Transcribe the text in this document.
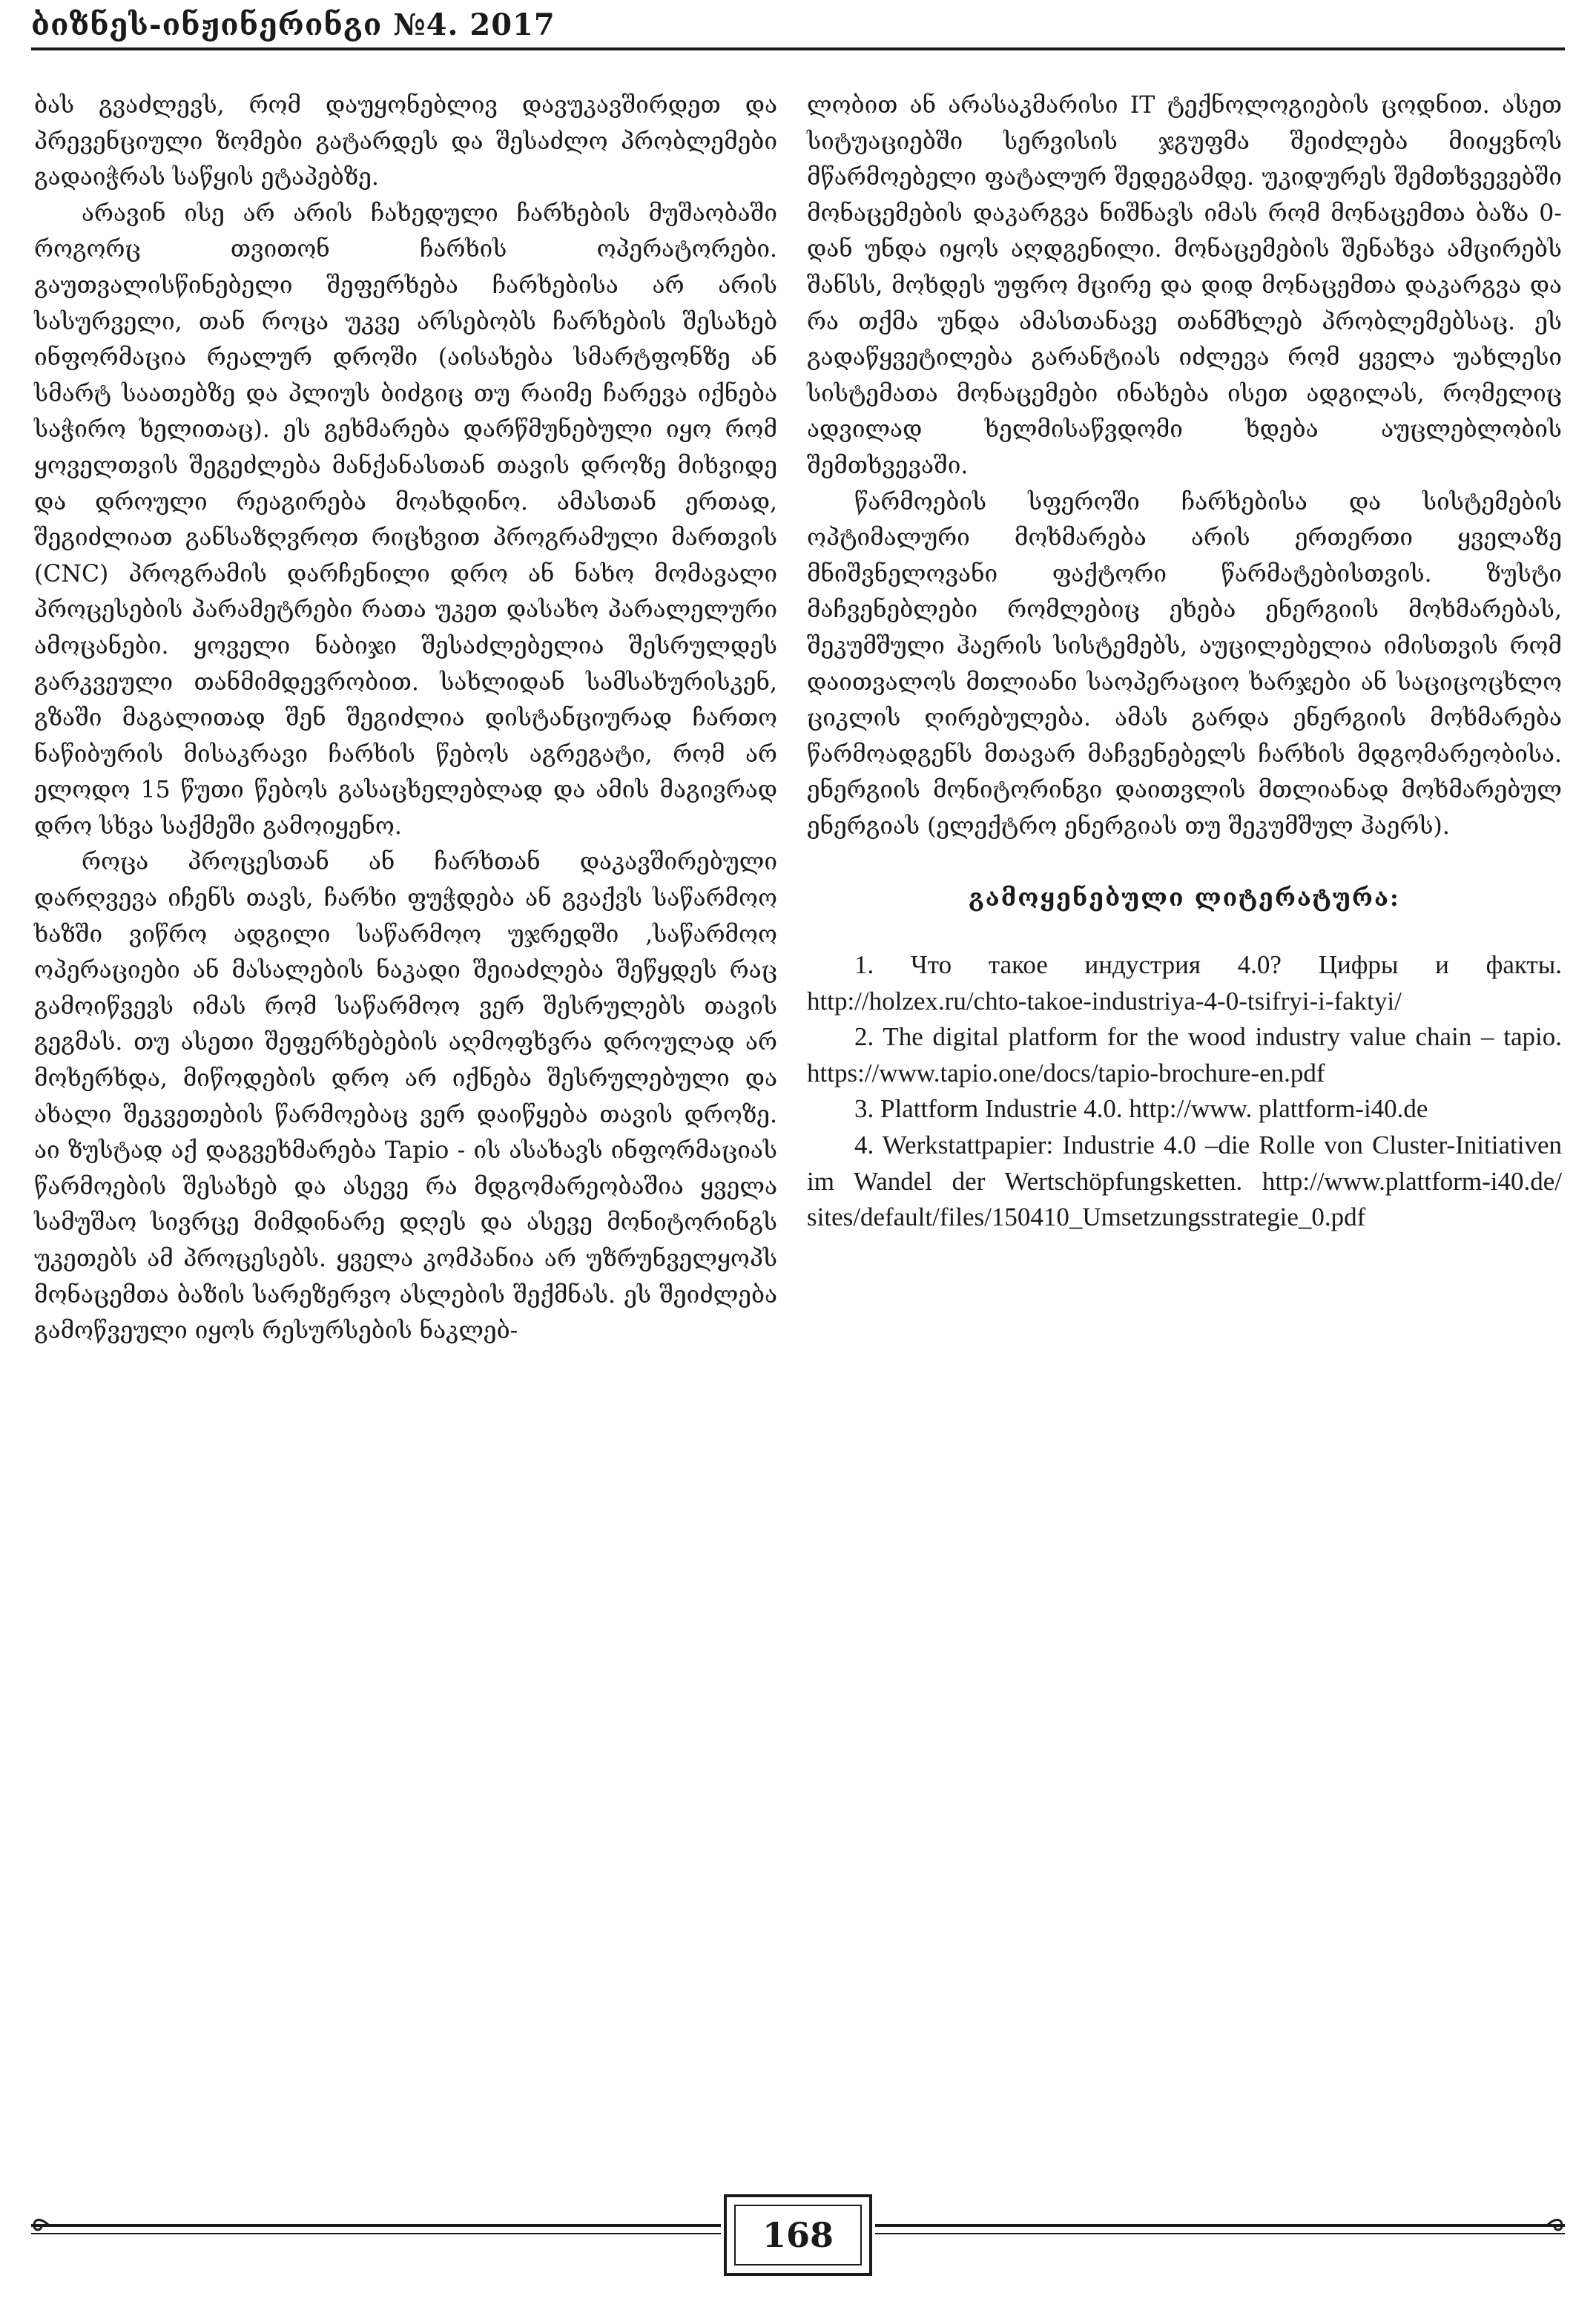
ბიზნეს-ინჟინერინგი №4. 2017

ბას გვაძლევს, რომ დაუყონებლივ დავუკავშირდეთ და პრევენციული ზომები გატარდეს და შესაძლო პრობლემები გადაიჭრას საწყის ეტაპებზე.

არავინ ისე არ არის ჩახედული ჩარხების მუშაობაში როგორც თვითონ ჩარხის ოპერატორები. გაუთვალისწინებელი შეფერხება ჩარხებისა არ არის სასურველი, თან როცა უკვე არსებობს ჩარხების შესახებ ინფორმაცია რეალურ დროში (აისახება სმარტფონზე ან სმარტ საათებზე და პლიუს ბიძგიც თუ რაიმე ჩარევა იქნება საჭირო ხელითაც). ეს გეხმარება დარწმუნებული იყო რომ ყოველთვის შეგეძლება მანქანასთან თავის დროზე მიხვიდე და დროული რეაგირება მოახდინო. ამასთან ერთად, შეგიძლიათ განსაზღვროთ რიცხვით პროგრამული მართვის (CNC) პროგრამის დარჩენილი დრო ან ნახო მომავალი პროცესების პარამეტრები რათა უკეთ დასახო პარალელური ამოცანები. ყოველი ნაბიჯი შესაძლებელია შესრულდეს გარკვეული თანმიმდევრობით. სახლიდან სამსახურისკენ, გზაში მაგალითად შენ შეგიძლია დისტანციურად ჩართო ნაწიბურის მისაკრავი ჩარხის წებოს აგრეგატი, რომ არ ელოდო 15 წუთი წებოს გასაცხელებლად და ამის მაგივრად დრო სხვა საქმეში გამოიყენო.

როცა პროცესთან ან ჩარხთან დაკავშირებული დარღვევა იჩენს თავს, ჩარხი ფუჭდება ან გვაქვს საწარმოო ხაზში ვიწრო ადგილი საწარმოო უჯრედში ,საწარმოო ოპერაციები ან მასალების ნაკადი შეიაძლება შეწყდეს რაც გამოიწვევს იმას რომ საწარმოო ვერ შესრულებს თავის გეგმას. თუ ასეთი შეფერხებების აღმოფხვრა დროულად არ მოხერხდა, მიწოდების დრო არ იქნება შესრულებული და ახალი შეკვეთების წარმოებაც ვერ დაიწყება თავის დროზე. აი ზუსტად აქ დაგვეხმარება Tapio - ის ასახავს ინფორმაციას წარმოების შესახებ და ასევე რა მდგომარეობაშია ყველა სამუშაო სივრცე მიმდინარე დღეს და ასევე მონიტორინგს უკეთებს ამ პროცესებს. ყველა კომპანია არ უზრუნველყოპს მონაცემთა ბაზის სარეზერვო ასლების შექმნას. ეს შეიძლება გამოწვეული იყოს რესურსების ნაკლებ-

ლობით ან არასაკმარისი IT ტექნოლოგიების ცოდნით. ასეთ სიტუაციებში სერვისის ჯგუფმა შეიძლება მიიყვნოს მწარმოებელი ფატალურ შედეგამდე. უკიდურეს შემთხვევებში მონაცემების დაკარგვა ნიშნავს იმას რომ მონაცემთა ბაზა 0-დან უნდა იყოს აღდგენილი. მონაცემების შენახვა ამცირებს შანსს, მოხდეს უფრო მცირე და დიდ მონაცემთა დაკარგვა და რა თქმა უნდა ამასთანავე თანმხლებ პრობლემებსაც. ეს გადაწყვეტილება გარანტიას იძლევა რომ ყველა უახლესი სისტემათა მონაცემები ინახება ისეთ ადგილას, რომელიც ადვილად ხელმისაწვდომი ხდება აუცლებლობის შემთხვევაში.

წარმოების სფეროში ჩარხებისა და სისტემების ოპტიმალური მოხმარება არის ერთერთი ყველაზე მნიშვნელოვანი ფაქტორი წარმატებისთვის. ზუსტი მაჩვენებლები რომლებიც ეხება ენერგიის მოხმარებას, შეკუმშული ჰაერის სისტემებს, აუცილებელია იმისთვის რომ დაითვალოს მთლიანი საოპერაციო ხარჯები ან საციცოცხლო ციკლის ღირებულება. ამას გარდა ენერგიის მოხმარება წარმოადგენს მთავარ მაჩვენებელს ჩარხის მდგომარეობისა. ენერგიის მონიტორინგი დაითვლის მთლიანად მოხმარებულ ენერგიას (ელექტრო ენერგიას თუ შეკუმშულ ჰაერს).

გამოყენებული ლიტერატურა:

1. Что такое индустрия 4.0? Цифры и факты. http://holzex.ru/chto-takoe-industriya-4-0-tsifryi-i-faktyi/

2. The digital platform for the wood industry value chain – tapio. https://www.tapio.one/docs/tapio-brochure-en.pdf

3. Plattform Industrie 4.0. http://www. plattform-i40.de

4. Werkstattpapier: Industrie 4.0 –die Rolle von Cluster-Initiativen im Wandel der Wertschöpfungsketten. http://www.plattform-i40.de/ sites/default/files/150410_Umsetzungsstrategie_0.pdf

168
